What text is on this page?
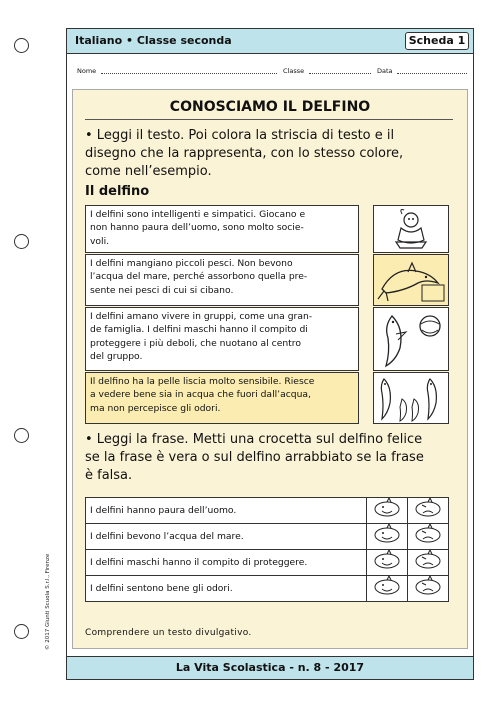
© 2017 Giunti Scuola S.r.l., Firenze
Italiano • Classe seconda	Scheda 1
Nome	Classe	Data
CONOSCIAMO IL DELFINO
• Leggi il testo. Poi colora la striscia di testo e il
disegno che la rappresenta, con lo stesso colore,
come nell’esempio.
Il delfino
I delfini sono intelligenti e simpatici. Giocano e
non hanno paura dell’uomo, sono molto socie-
voli.
I delfini mangiano piccoli pesci. Non bevono
l’acqua del mare, perché assorbono quella pre-
sente nei pesci di cui si cibano.
I delfini amano vivere in gruppi, come una gran-
de famiglia. I delfini maschi hanno il compito di
proteggere i più deboli, che nuotano al centro
del gruppo.
Il delfino ha la pelle liscia molto sensibile. Riesce
a vedere bene sia in acqua che fuori dall’acqua,
ma non percepisce gli odori.
• Leggi la frase. Metti una crocetta sul delfino felice
se la frase è vera o sul delfino arrabbiato se la frase
è falsa.
I delfini hanno paura dell’uomo.		
I delfini bevono l’acqua del mare.		
I delfini maschi hanno il compito di proteggere.		
I delfini sentono bene gli odori.		
Comprendere un testo divulgativo.
La Vita Scolastica - n. 8 - 2017
